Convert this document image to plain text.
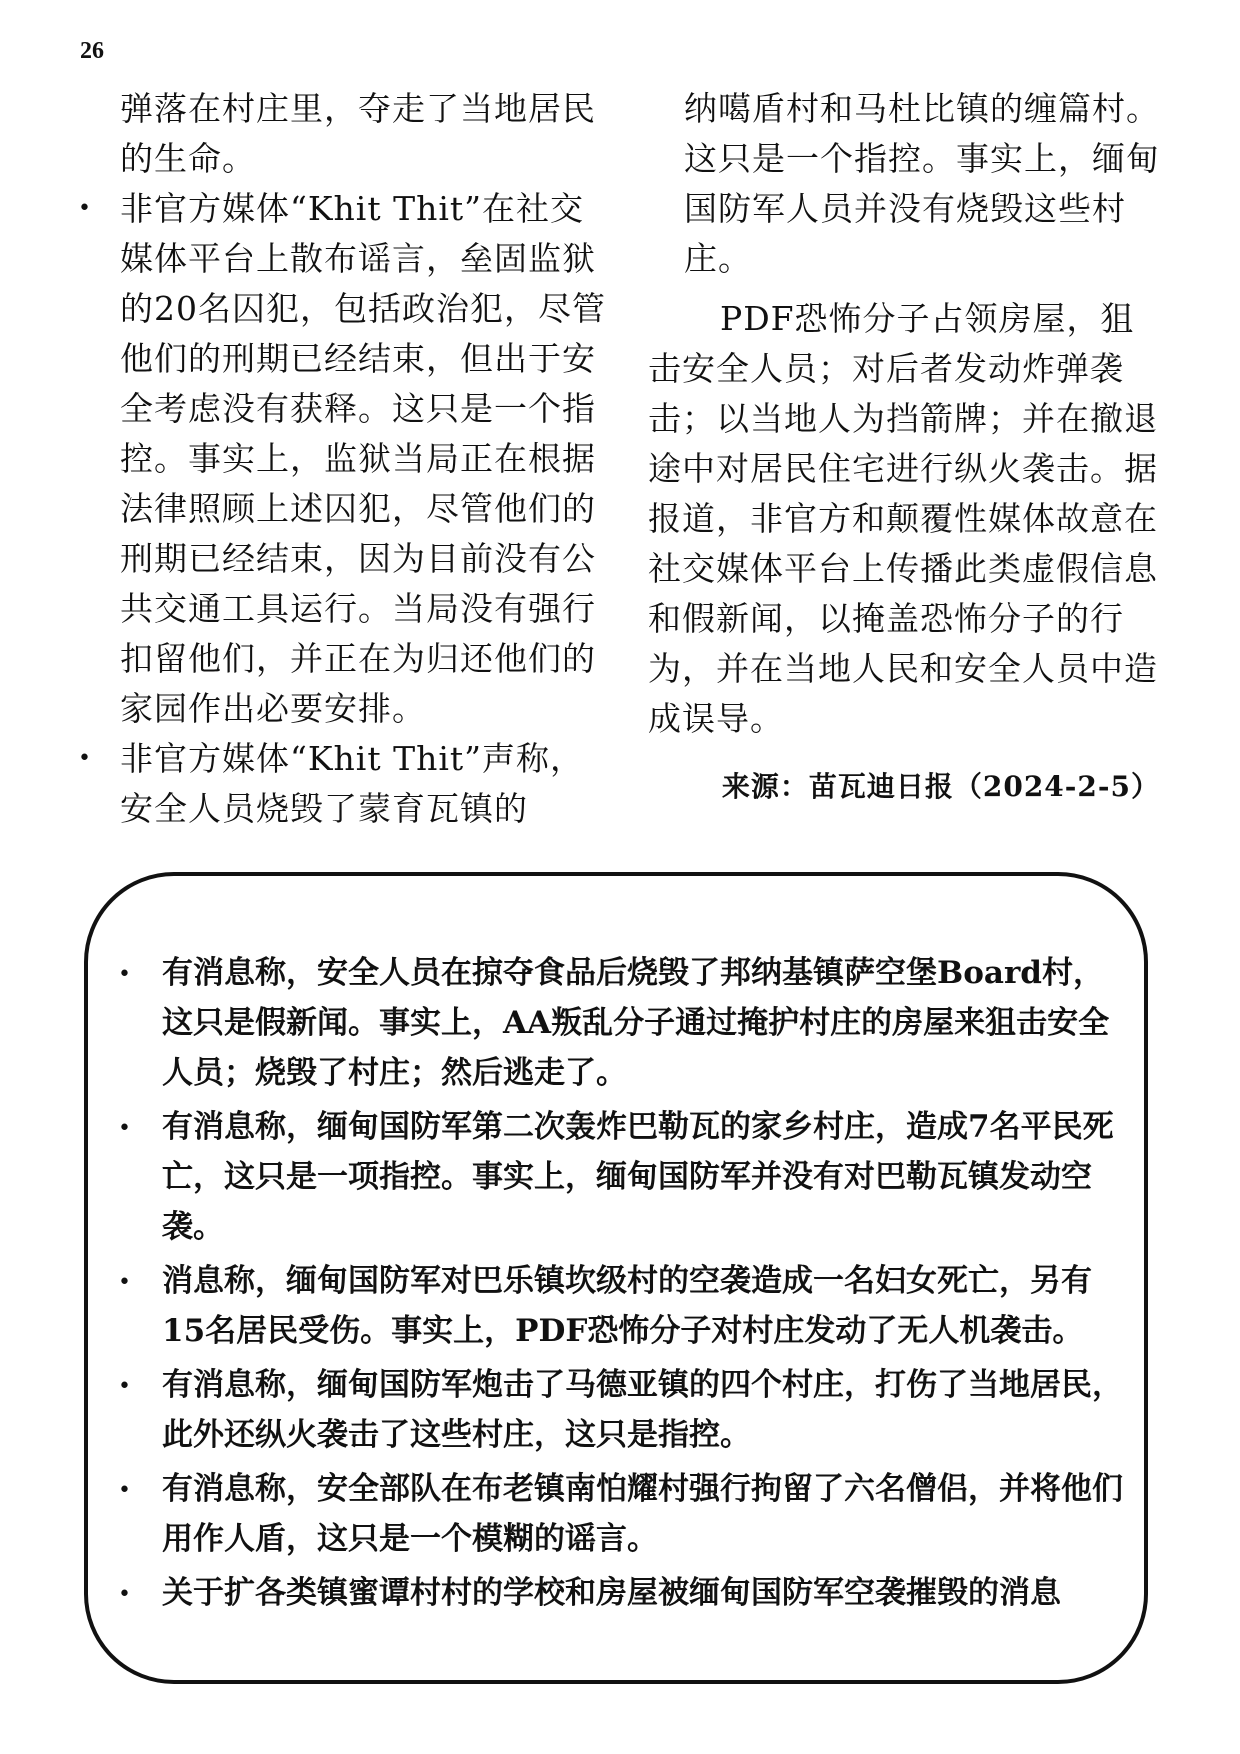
26

弹落在村庄里，夺走了当地居民的生命。

• 非官方媒体“Khit Thit”在社交媒体平台上散布谣言，垒固监狱的20名囚犯，包括政治犯，尽管他们的刑期已经结束，但出于安全考虑没有获释。这只是一个指控。事实上，监狱当局正在根据法律照顾上述囚犯，尽管他们的刑期已经结束，因为目前没有公共交通工具运行。当局没有强行扣留他们，并正在为归还他们的家园作出必要安排。
• 非官方媒体“Khit Thit”声称，安全人员烧毁了蒙育瓦镇的

纳噶盾村和马杜比镇的缠篇村。这只是一个指控。事实上，缅甸国防军人员并没有烧毁这些村庄。

PDF恐怖分子占领房屋，狙击安全人员；对后者发动炸弹袭击；以当地人为挡箭牌；并在撤退途中对居民住宅进行纵火袭击。据报道，非官方和颠覆性媒体故意在社交媒体平台上传播此类虚假信息和假新闻，以掩盖恐怖分子的行为，并在当地人民和安全人员中造成误导。

来源：苗瓦迪日报（2024-2-5）
• 有消息称，安全人员在掠夺食品后烧毁了邦纳基镇萨空堡Board村，这只是假新闻。事实上，AA叛乱分子通过掩护村庄的房屋来狙击安全人员；烧毁了村庄；然后逃走了。
• 有消息称，缅甸国防军第二次轰炸巴勒瓦的家乡村庄，造成7名平民死亡，这只是一项指控。事实上，缅甸国防军并没有对巴勒瓦镇发动空袭。
• 消息称，缅甸国防军对巴乐镇坎级村的空袭造成一名妇女死亡，另有15名居民受伤。事实上，PDF恐怖分子对村庄发动了无人机袭击。
• 有消息称，缅甸国防军炮击了马德亚镇的四个村庄，打伤了当地居民，此外还纵火袭击了这些村庄，这只是指控。
• 有消息称，安全部队在布老镇南怕耀村强行拘留了六名僧侣，并将他们用作人盾，这只是一个模糊的谣言。
• 关于扩各类镇蜜谭村村的学校和房屋被缅甸国防军空袭摧毁的消息
